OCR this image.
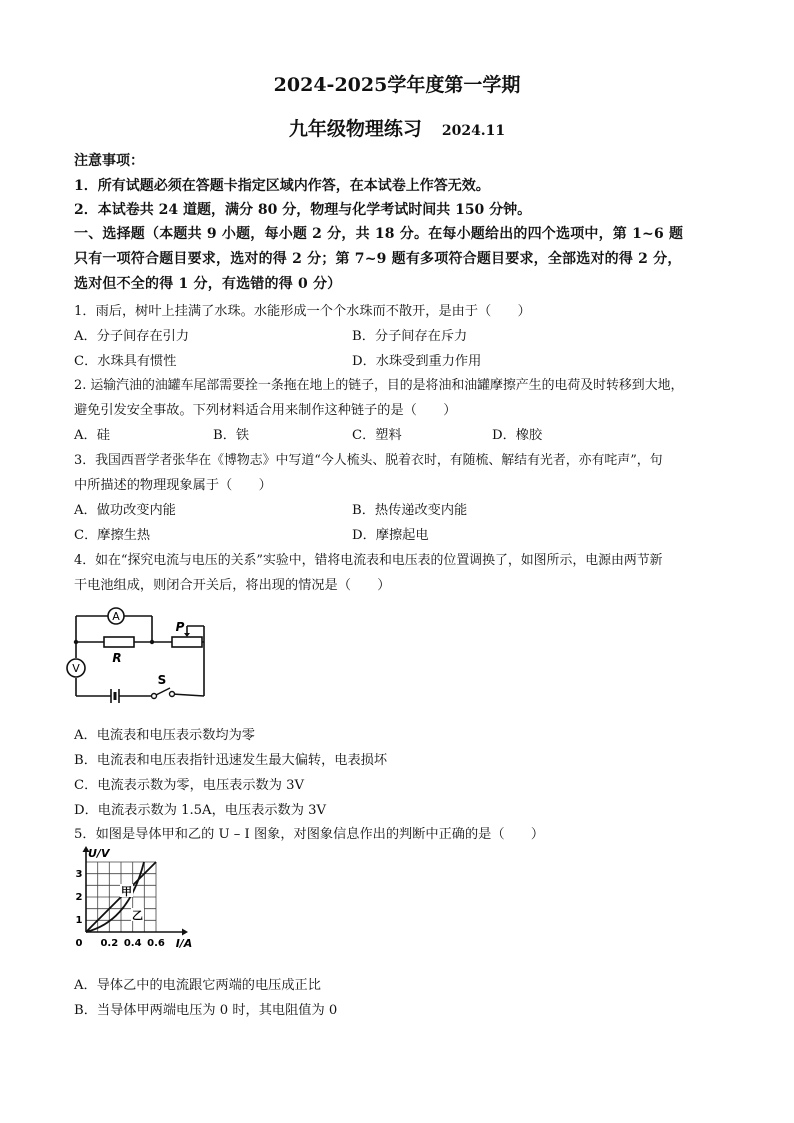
2024-2025学年度第一学期
九年级物理练习 2024.11
注意事项：
1．所有试题必须在答题卡指定区域内作答，在本试卷上作答无效。
2．本试卷共 24 道题，满分 80 分，物理与化学考试时间共 150 分钟。
一、选择题（本题共 9 小题，每小题 2 分，共 18 分。在每小题给出的四个选项中，第 1~6 题
只有一项符合题目要求，选对的得 2 分；第 7~9 题有多项符合题目要求，全部选对的得 2 分，
选对但不全的得 1 分，有选错的得 0 分）
1．雨后，树叶上挂满了水珠。水能形成一个个水珠而不散开，是由于（　　）
A．分子间存在引力	B．分子间存在斥力
C．水珠具有惯性	D．水珠受到重力作用
2. 运输汽油的油罐车尾部需要拴一条拖在地上的链子，目的是将油和油罐摩擦产生的电荷及时转移到大地，
避免引发安全事故。下列材料适合用来制作这种链子的是（　　）
A．硅	B．铁	C．塑料	D．橡胶
3．我国西晋学者张华在《博物志》中写道“今人梳头、脱着衣时，有随梳、解结有光者，亦有咤声”，句
中所描述的物理现象属于（　　）
A．做功改变内能	B．热传递改变内能
C．摩擦生热	D．摩擦起电
4．如在“探究电流与电压的关系”实验中，错将电流表和电压表的位置调换了，如图所示，电源由两节新
干电池组成，则闭合开关后，将出现的情况是（　　）
A
V
R
P
S
A．电流表和电压表示数均为零
B．电流表和电压表指针迅速发生最大偏转，电表损坏
C．电流表示数为零，电压表示数为 3V
D．电流表示数为 1.5A，电压表示数为 3V
5．如图是导体甲和乙的 U – I 图象，对图象信息作出的判断中正确的是（　　）
U/V
I/A
3
2
1
0 0.2 0.4 0.6
甲
乙
A．导体乙中的电流跟它两端的电压成正比
B．当导体甲两端电压为 0 时，其电阻值为 0
